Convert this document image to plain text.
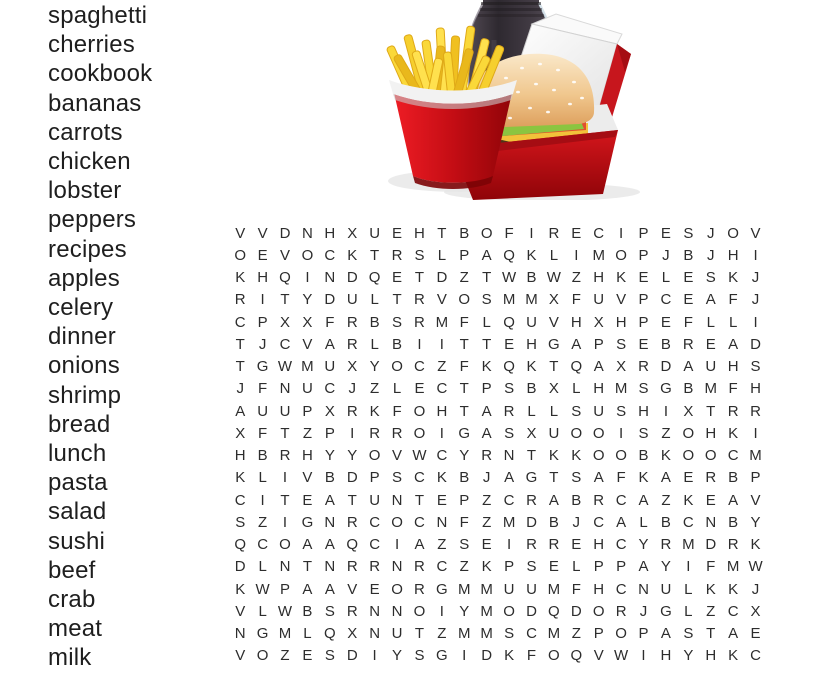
spaghetti
cherries
cookbook
bananas
carrots
chicken
lobster
peppers
recipes
apples
celery
dinner
onions
shrimp
bread
lunch
pasta
salad
sushi
beef
crab
meat
milk
V V D N H X U E H T B O F	I R E C I	P E S J O V
O E V O C K T R S L P A Q K L	I M O P J B J H I
K H Q I N D Q E T D Z T W B W Z H K E L E S K J
R I	T Y D U L T R V O S M M X F U V P C E A F J
C P X X F R B S R M F L Q U V H X H P E F L L	I
T J C V A R L B	I	I	T T E H G A P S E B R E A D
T G W M U X Y O C Z F K Q K T Q A X R D A U H S
J F N U C J Z L E C T P S B X L H M S G B M F H
A U U P X R K F O H T A R L L S U S H I	X T R R
X F T Z P	I R R O I G A S X U O O I	S Z O H K	I
H B R H Y Y O V W C Y R N T K K O O B K O O C M
K L	I	V B D P S C K B J A G T S A F K A E R B P
C I	T E A T U N T E P Z C R A B R C A Z K E A V
S Z	I G N R C O C N F Z M D B J C A L B C N B Y
Q C O A A Q C I	A Z S E	I R R E H C Y R M D R K
D L N T N R R N R C Z K P S E L P P A Y	I	F M W
K W P A A V E O R G M M U U M F H C N U L K K J
V L W B S R N N O I	Y M O D Q D O R J G L Z C X
N G M L Q X N U T Z M M S C M Z P O P A S T A E
V O Z E S D I	Y S G I D K F O Q V W I H Y H K C
